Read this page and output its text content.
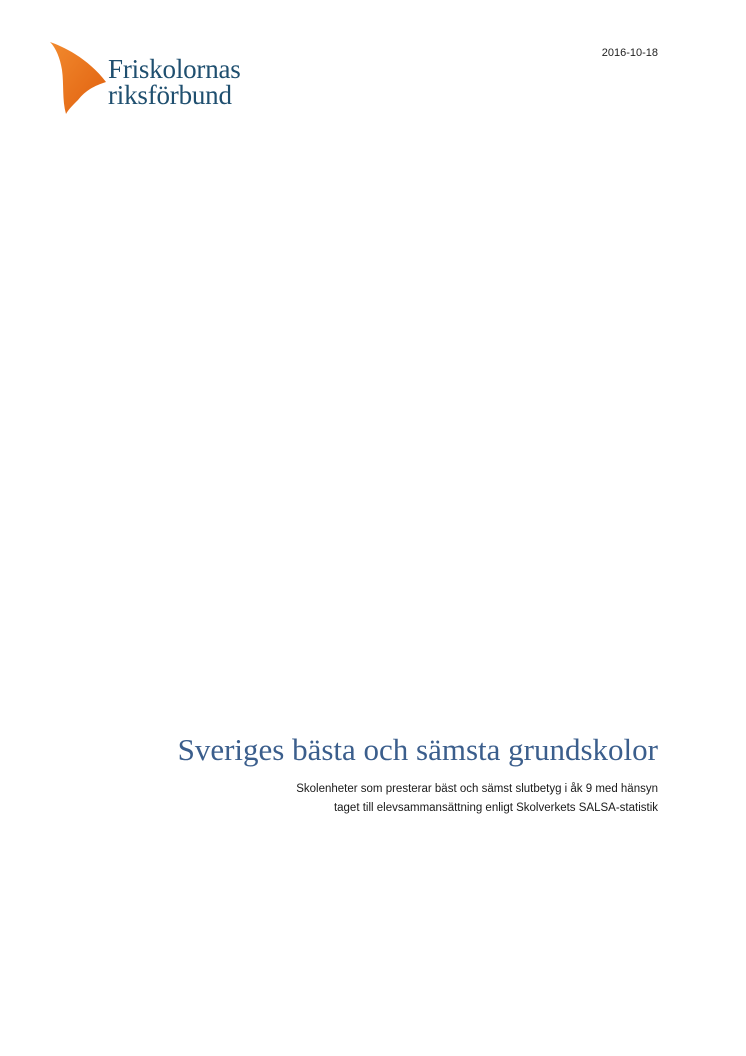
Friskolornas
riksförbund
2016-10-18
Sveriges bästa och sämsta grundskolor
Skolenheter som presterar bäst och sämst slutbetyg i åk 9 med hänsyn
taget till elevsammansättning enligt Skolverkets SALSA-statistik
